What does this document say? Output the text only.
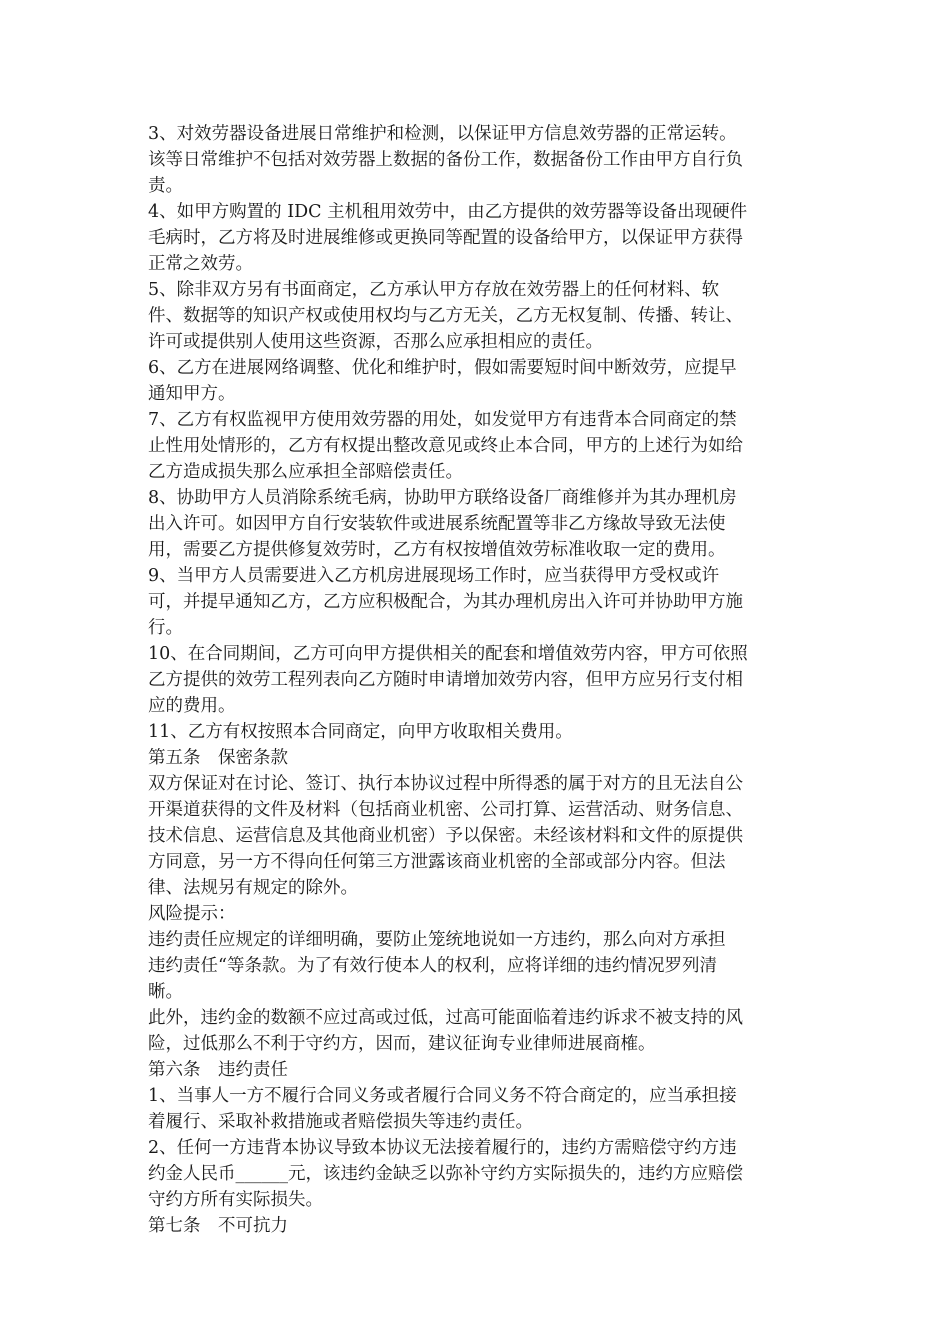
3、对效劳器设备进展日常维护和检测，以保证甲方信息效劳器的正常运转。
该等日常维护不包括对效劳器上数据的备份工作，数据备份工作由甲方自行负
责。
4、如甲方购置的 IDC 主机租用效劳中，由乙方提供的效劳器等设备出现硬件
毛病时，乙方将及时进展维修或更换同等配置的设备给甲方，以保证甲方获得
正常之效劳。
5、除非双方另有书面商定，乙方承认甲方存放在效劳器上的任何材料、软
件、数据等的知识产权或使用权均与乙方无关，乙方无权复制、传播、转让、
许可或提供别人使用这些资源，否那么应承担相应的责任。
6、乙方在进展网络调整、优化和维护时，假如需要短时间中断效劳，应提早
通知甲方。
7、乙方有权监视甲方使用效劳器的用处，如发觉甲方有违背本合同商定的禁
止性用处情形的，乙方有权提出整改意见或终止本合同，甲方的上述行为如给
乙方造成损失那么应承担全部赔偿责任。
8、协助甲方人员消除系统毛病，协助甲方联络设备厂商维修并为其办理机房
出入许可。如因甲方自行安装软件或进展系统配置等非乙方缘故导致无法使
用，需要乙方提供修复效劳时，乙方有权按增值效劳标准收取一定的费用。
9、当甲方人员需要进入乙方机房进展现场工作时，应当获得甲方受权或许
可，并提早通知乙方，乙方应积极配合，为其办理机房出入许可并协助甲方施
行。
10、在合同期间，乙方可向甲方提供相关的配套和增值效劳内容，甲方可依照
乙方提供的效劳工程列表向乙方随时申请增加效劳内容，但甲方应另行支付相
应的费用。
11、乙方有权按照本合同商定，向甲方收取相关费用。
第五条　保密条款
双方保证对在讨论、签订、执行本协议过程中所得悉的属于对方的且无法自公
开渠道获得的文件及材料（包括商业机密、公司打算、运营活动、财务信息、
技术信息、运营信息及其他商业机密）予以保密。未经该材料和文件的原提供
方同意，另一方不得向任何第三方泄露该商业机密的全部或部分内容。但法
律、法规另有规定的除外。
风险提示：
违约责任应规定的详细明确，要防止笼统地说如一方违约，那么向对方承担
违约责任“等条款。为了有效行使本人的权利，应将详细的违约情况罗列清
晰。
此外，违约金的数额不应过高或过低，过高可能面临着违约诉求不被支持的风
险，过低那么不利于守约方，因而，建议征询专业律师进展商榷。
第六条　违约责任
1、当事人一方不履行合同义务或者履行合同义务不符合商定的，应当承担接
着履行、采取补救措施或者赔偿损失等违约责任。
2、任何一方违背本协议导致本协议无法接着履行的，违约方需赔偿守约方违
约金人民币______元，该违约金缺乏以弥补守约方实际损失的，违约方应赔偿
守约方所有实际损失。
第七条　不可抗力
